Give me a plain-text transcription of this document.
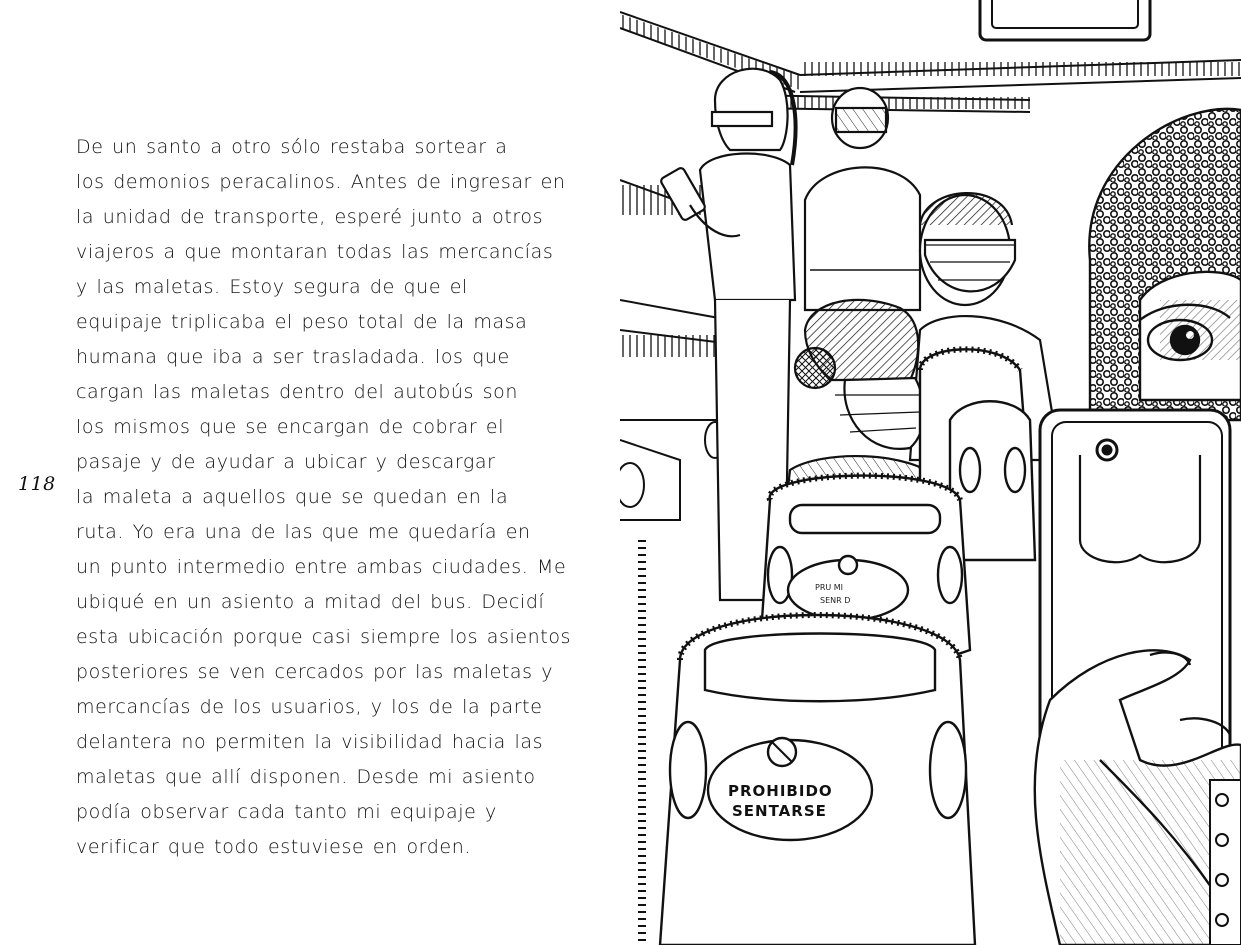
De un santo a otro sólo restaba sortear a
los demonios peracalinos. Antes de ingresar en
la unidad de transporte, esperé junto a otros
viajeros a que montaran todas las mercancías
y las maletas. Estoy segura de que el
equipaje triplicaba el peso total de la masa
humana que iba a ser trasladada. los que
cargan las maletas dentro del autobús son
los mismos que se encargan de cobrar el
pasaje y de ayudar a ubicar y descargar
la maleta a aquellos que se quedan en la
ruta. Yo era una de las que me quedaría en
un punto intermedio entre ambas ciudades. Me
ubiqué en un asiento a mitad del bus. Decidí
esta ubicación porque casi siempre los asientos
posteriores se ven cercados por las maletas y
mercancías de los usuarios, y los de la parte
delantera no permiten la visibilidad hacia las
maletas que allí disponen. Desde mi asiento
podía observar cada tanto mi equipaje y
verificar que todo estuviese en orden.
118
PROHIBIDO
SENTARSE
PRU MI
SENR D
